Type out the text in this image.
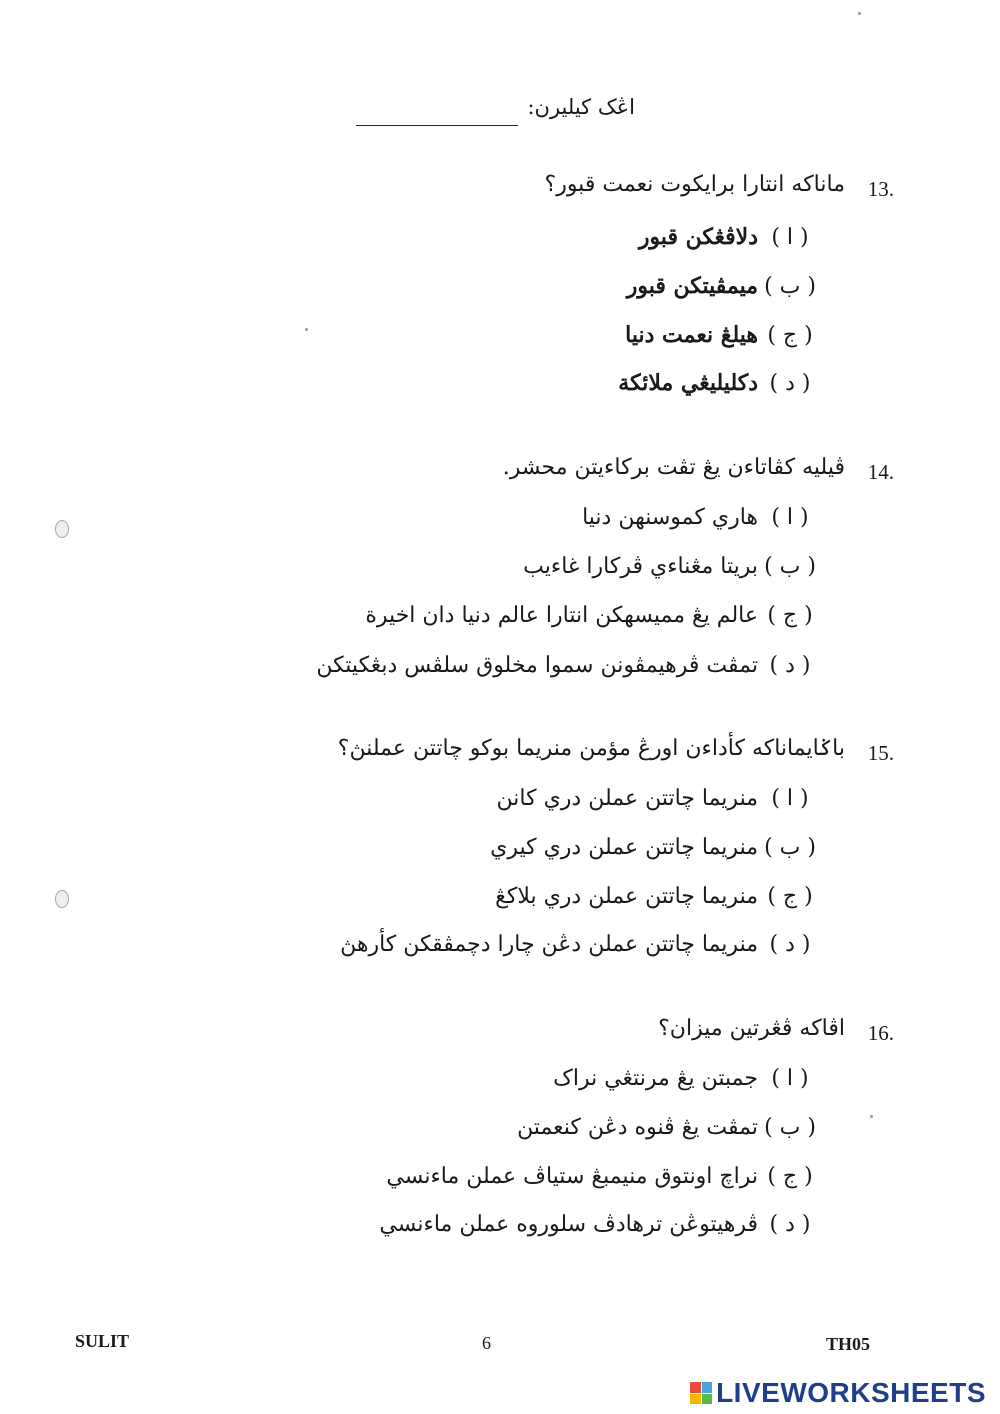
اڠک كيليرن:
13.
ماناکه انتارا برايکوت نعمت قبور؟
( ا )دلاڤڠکن قبور
( ب )ميمڤيتكن قبور
( ج )هيلڠ نعمت دنيا
( د )دکليليڠي ملائکة
14.
ڤيليه کڤاتاءن يڠ تڤت برکاءيتن محشر.
( ا )هاري کموسنهن دنيا
( ب )بريتا مڠناءي ڤرکارا غاءيب
( ج )عالم يڠ مميسهکن انتارا عالم دنيا دان اخيرة
( د )تمڤت ڤرهيمڤونن سموا مخلوق سلڤس دبڠکيتکن
15.
باݢايماناکه کأداءن اورڠ مؤمن منريما بوکو چاتتن عملنڽ؟
( ا )منريما چاتتن عملن دري کانن
( ب )منريما چاتتن عملن دري کيري
( ج )منريما چاتتن عملن دري بلاکڠ
( د )منريما چاتتن عملن دڠن چارا دچمڤقکن کأرهڽ
16.
اڤاکه ڤڠرتين ميزان؟
( ا )جمبتن يڠ مرنتڠي نراک
( ب )تمڤت يڠ ڤنوه دڠن کنعمتن
( ج )نراچ اونتوق منيمبڠ ستياڤ عملن ماءنسي
( د )ڤرهيتوڠن ترهادڤ سلوروه عملن ماءنسي
SULIT	6	TH05
LIVEWORKSHEETS
